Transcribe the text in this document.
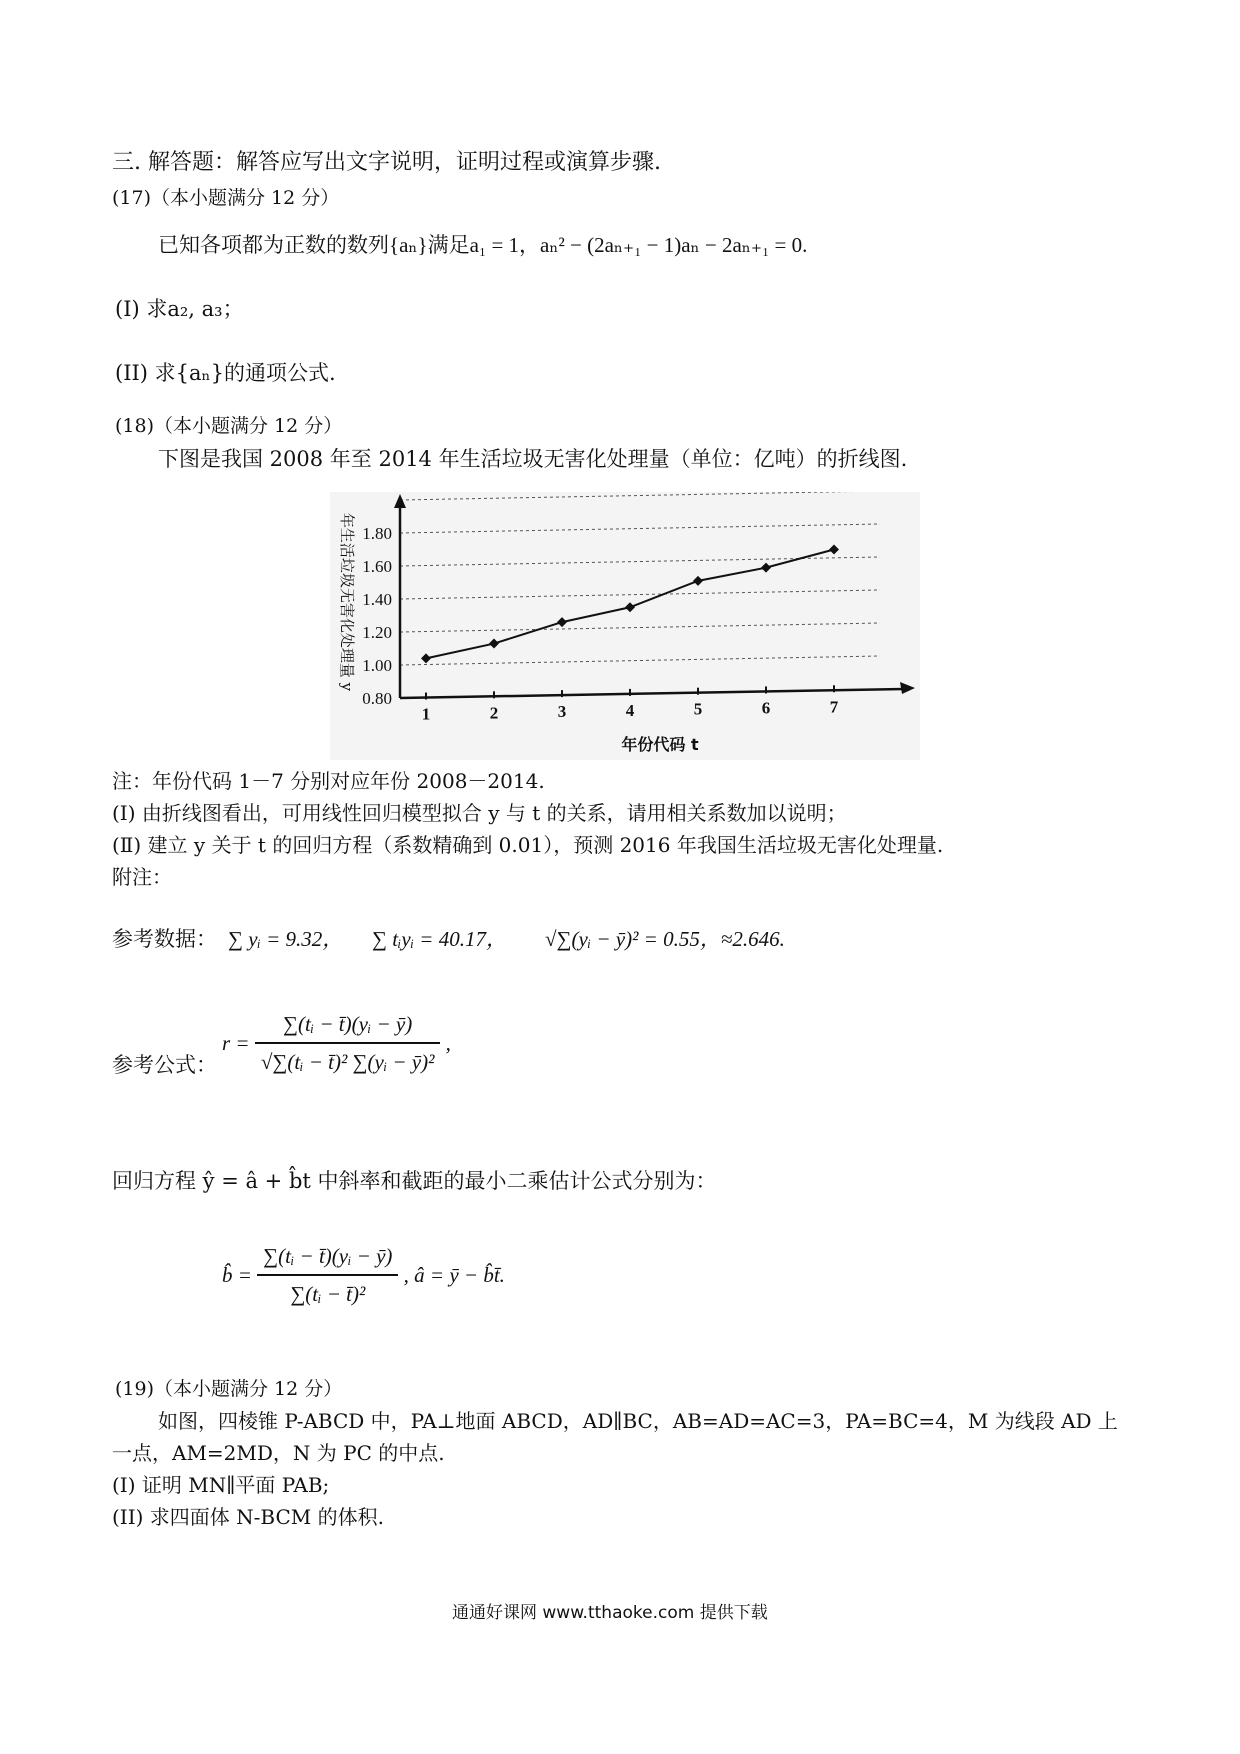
三. 解答题：解答应写出文字说明，证明过程或演算步骤.
(17)（本小题满分 12 分）
已知各项都为正数的数列{aₙ}满足a₁ = 1，aₙ² − (2aₙ₊₁ − 1)aₙ − 2aₙ₊₁ = 0.
(I) 求a₂, a₃；
(II) 求{aₙ}的通项公式.
(18)（本小题满分 12 分）
下图是我国 2008 年至 2014 年生活垃圾无害化处理量（单位：亿吨）的折线图.
0.80
1.00
1.20
1.40
1.60
1.80
1	2	3	4	5	6	7
年份代码 t
年生活垃圾无害化处理量 y
注：年份代码 1－7 分别对应年份 2008－2014.
(Ⅰ) 由折线图看出，可用线性回归模型拟合 y 与 t 的关系，请用相关系数加以说明；
(Ⅱ) 建立 y 关于 t 的回归方程（系数精确到 0.01），预测 2016 年我国生活垃圾无害化处理量.
附注：
参考数据： ∑ yᵢ = 9.32， ∑ tᵢyᵢ = 40.17， √∑(yᵢ − ȳ)² = 0.55，≈2.646.
参考公式：
$r = \frac{\text{∑(tᵢ − t̄)(yᵢ − ȳ)}}{\text{√∑(tᵢ − t̄)² ∑(yᵢ − ȳ)²}}$ ,
回归方程 ŷ = â + b̂t 中斜率和截距的最小二乘估计公式分别为：
b̂ = $\frac{\text{∑(tᵢ − t̄)(yᵢ − ȳ)}}{\text{∑(tᵢ − t̄)²}}$ , â = ȳ − b̂t̄.
(19)（本小题满分 12 分）
如图，四棱锥 P-ABCD 中，PA⊥地面 ABCD，AD∥BC，AB=AD=AC=3，PA=BC=4，M 为线段 AD 上
一点，AM=2MD，N 为 PC 的中点.
(I) 证明 MN∥平面 PAB;
(II) 求四面体 N-BCM 的体积.
通通好课网 www.tthaoke.com 提供下载
